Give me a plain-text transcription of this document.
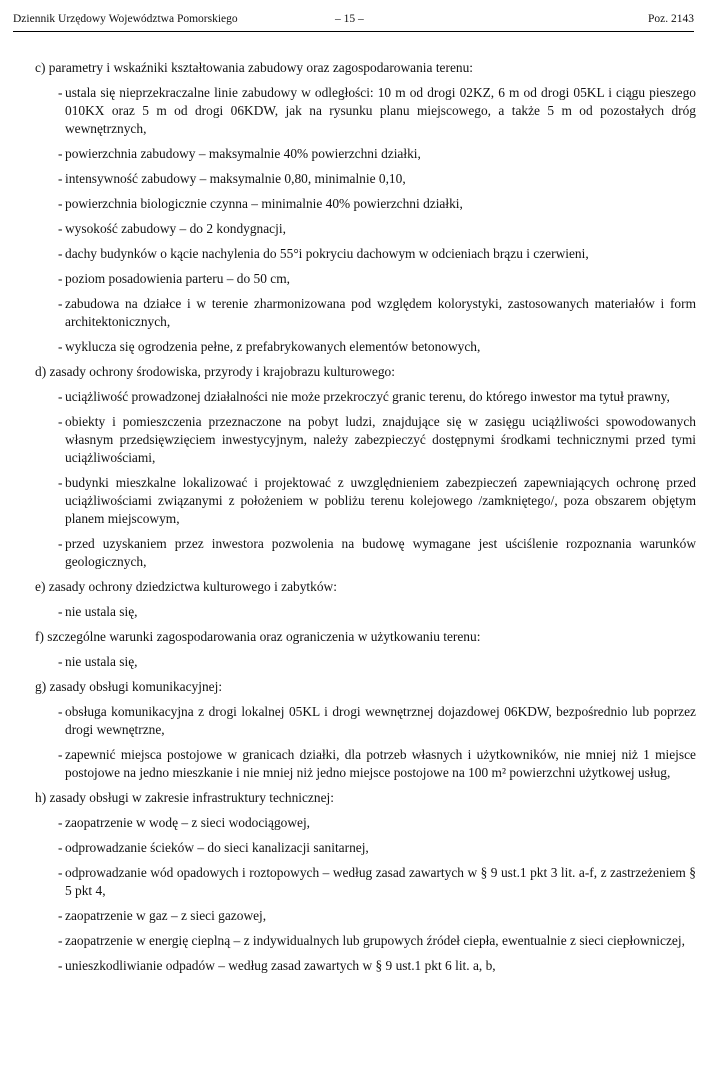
Dziennik Urzędowy Województwa Pomorskiego	– 15 –	Poz. 2143

c) parametry i wskaźniki kształtowania zabudowy oraz zagospodarowania terenu:

- ustala się nieprzekraczalne linie zabudowy w odległości: 10 m od drogi 02KZ, 6 m od drogi 05KL i ciągu pieszego 010KX oraz 5 m od drogi 06KDW, jak na rysunku planu miejscowego, a także 5 m od pozostałych dróg wewnętrznych,
- powierzchnia zabudowy – maksymalnie 40% powierzchni działki,
- intensywność zabudowy – maksymalnie 0,80, minimalnie 0,10,
- powierzchnia biologicznie czynna – minimalnie 40% powierzchni działki,
- wysokość zabudowy – do 2 kondygnacji,
- dachy budynków o kącie nachylenia do 55°i pokryciu dachowym w odcieniach brązu i czerwieni,
- poziom posadowienia parteru – do 50 cm,
- zabudowa na działce i w terenie zharmonizowana pod względem kolorystyki, zastosowanych materiałów i form architektonicznych,
- wyklucza się ogrodzenia pełne, z prefabrykowanych elementów betonowych,

d) zasady ochrony środowiska, przyrody i krajobrazu kulturowego:

- uciążliwość prowadzonej działalności nie może przekroczyć granic terenu, do którego inwestor ma tytuł prawny,
- obiekty i pomieszczenia przeznaczone na pobyt ludzi, znajdujące się w zasięgu uciążliwości spowodowanych własnym przedsięwzięciem inwestycyjnym, należy zabezpieczyć dostępnymi środkami technicznymi przed tymi uciążliwościami,
- budynki mieszkalne lokalizować i projektować z uwzględnieniem zabezpieczeń zapewniających ochronę przed uciążliwościami związanymi z położeniem w pobliżu terenu kolejowego /zamkniętego/, poza obszarem objętym planem miejscowym,
- przed uzyskaniem przez inwestora pozwolenia na budowę wymagane jest uściślenie rozpoznania warunków geologicznych,

e) zasady ochrony dziedzictwa kulturowego i zabytków:

- nie ustala się,

f) szczególne warunki zagospodarowania oraz ograniczenia w użytkowaniu terenu:

- nie ustala się,

g) zasady obsługi komunikacyjnej:

- obsługa komunikacyjna z drogi lokalnej 05KL i drogi wewnętrznej dojazdowej 06KDW, bezpośrednio lub poprzez drogi wewnętrzne,
- zapewnić miejsca postojowe w granicach działki, dla potrzeb własnych i użytkowników, nie mniej niż 1 miejsce postojowe na jedno mieszkanie i nie mniej niż jedno miejsce postojowe na 100 m² powierzchni użytkowej usług,

h) zasady obsługi w zakresie infrastruktury technicznej:

- zaopatrzenie w wodę – z sieci wodociągowej,
- odprowadzanie ścieków – do sieci kanalizacji sanitarnej,
- odprowadzanie wód opadowych i roztopowych – według zasad zawartych w § 9 ust.1 pkt 3 lit. a-f, z zastrzeżeniem § 5 pkt 4,
- zaopatrzenie w gaz – z sieci gazowej,
- zaopatrzenie w energię cieplną – z indywidualnych lub grupowych źródeł ciepła, ewentualnie z sieci ciepłowniczej,
- unieszkodliwianie odpadów – według zasad zawartych w § 9 ust.1 pkt 6 lit. a, b,
